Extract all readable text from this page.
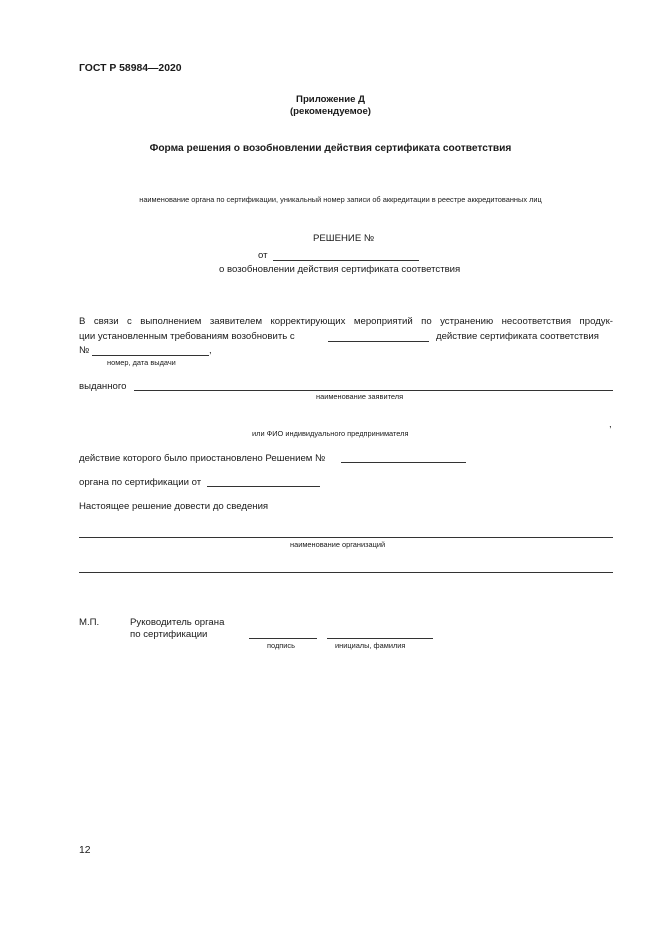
ГОСТ Р 58984—2020
Приложение Д
(рекомендуемое)
Форма решения о возобновлении действия сертификата соответствия
наименование органа по сертификации, уникальный номер записи об аккредитации в реестре аккредитованных лиц
РЕШЕНИЕ №
от
о возобновлении действия сертификата соответствия
В связи с выполнением заявителем корректирующих мероприятий по устранению несоответствия продук-
ции установленным требованиям возобновить с	действие сертификата соответствия
№	,
номер, дата выдачи
выданного
наименование заявителя
,
или ФИО индивидуального предпринимателя
действие которого было приостановлено Решением №
органа по сертификации от
Настоящее решение довести до сведения
наименование организаций
М.П.	Руководитель органа
по сертификации
подпись	инициалы, фамилия
12
